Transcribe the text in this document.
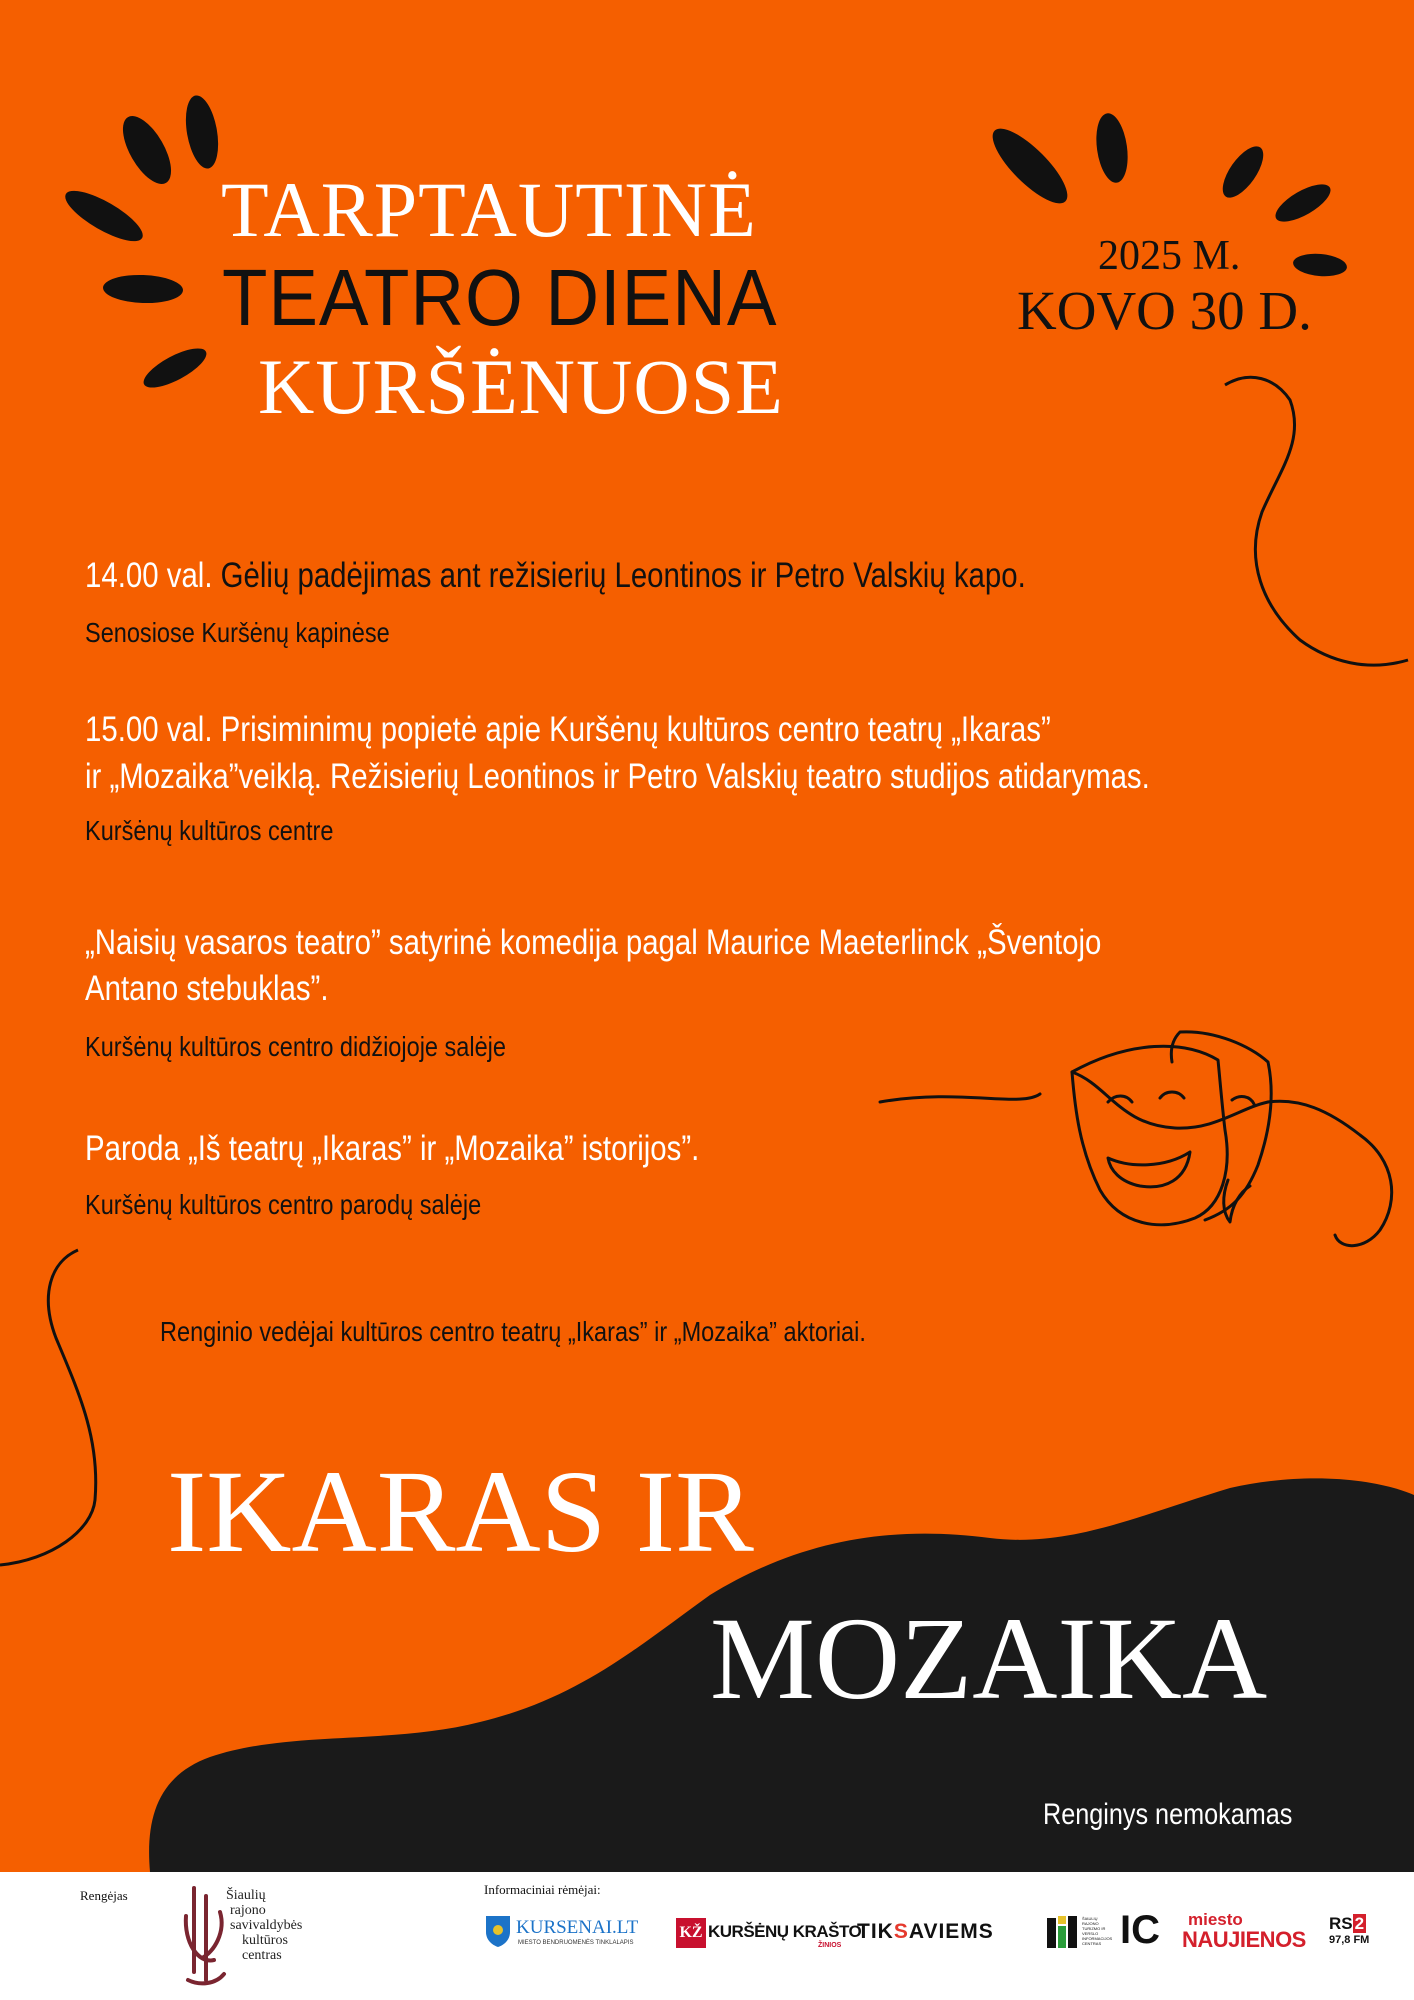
TARPTAUTINĖ
TEATRO DIENA
KURŠĖNUOSE
2025 M.
KOVO 30 D.
14.00 val. Gėlių padėjimas ant režisierių Leontinos ir Petro Valskių kapo.
Senosiose Kuršėnų kapinėse
15.00 val. Prisiminimų popietė apie Kuršėnų kultūros centro teatrų „Ikaras”
ir „Mozaika”veiklą. Režisierių Leontinos ir Petro Valskių teatro studijos atidarymas.
Kuršėnų kultūros centre
„Naisių vasaros teatro” satyrinė komedija pagal Maurice Maeterlinck „Šventojo
Antano stebuklas”.
Kuršėnų kultūros centro didžiojoje salėje
Paroda „Iš teatrų „Ikaras” ir „Mozaika” istorijos”.
Kuršėnų kultūros centro parodų salėje
Renginio vedėjai kultūros centro teatrų „Ikaras” ir „Mozaika” aktoriai.
IKARAS IR
MOZAIKA
Renginys nemokamas
Rengėjas	Šiaulių
rajono
savivaldybės
kultūros
centras
Informaciniai rėmėjai:
KURSENAI.LT
MIESTO BENDRUOMENĖS TINKLALAPIS
KŽ KURŠĖNŲ KRAŠTO
ŽINIOS
TIKSAVIEMS
ŠIAULIŲ
RAJONO
TURIZMO IR
VERSLO
INFORMACIJOS
CENTRAS IC miesto
NAUJIENOS
RS 2
97,8 FM
